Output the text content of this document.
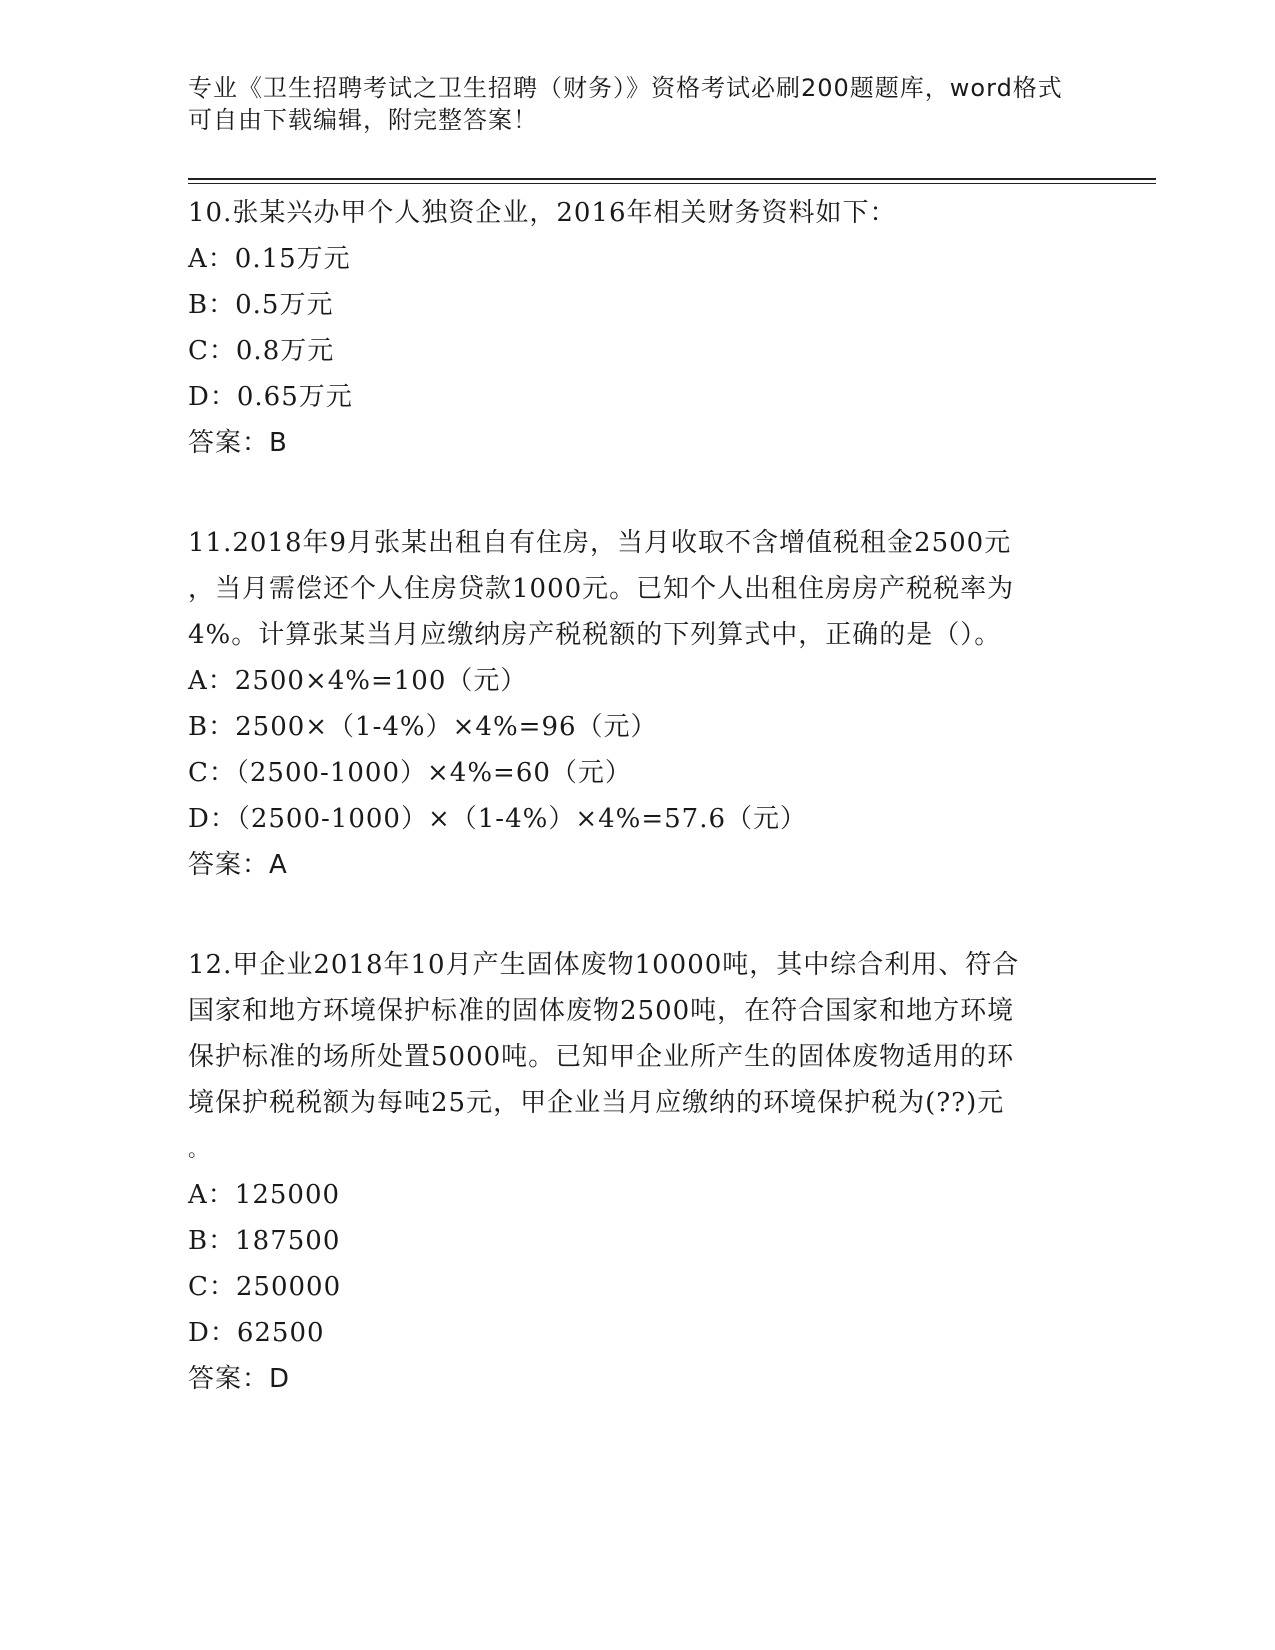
专业《卫生招聘考试之卫生招聘（财务）》资格考试必刷200题题库，word格式
可自由下载编辑，附完整答案！
10.张某兴办甲个人独资企业，2016年相关财务资料如下：
A：0.15万元
B：0.5万元
C：0.8万元
D：0.65万元
答案：B
11.2018年9月张某出租自有住房，当月收取不含增值税租金2500元
，当月需偿还个人住房贷款1000元。已知个人出租住房房产税税率为
4%。计算张某当月应缴纳房产税税额的下列算式中，正确的是（）。
A：2500×4%=100（元）
B：2500×（1-4%）×4%=96（元）
C：（2500-1000）×4%=60（元）
D：（2500-1000）×（1-4%）×4%=57.6（元）
答案：A
12.甲企业2018年10月产生固体废物10000吨，其中综合利用、符合
国家和地方环境保护标准的固体废物2500吨，在符合国家和地方环境
保护标准的场所处置5000吨。已知甲企业所产生的固体废物适用的环
境保护税税额为每吨25元，甲企业当月应缴纳的环境保护税为(??)元
。
A：125000
B：187500
C：250000
D：62500
答案：D
